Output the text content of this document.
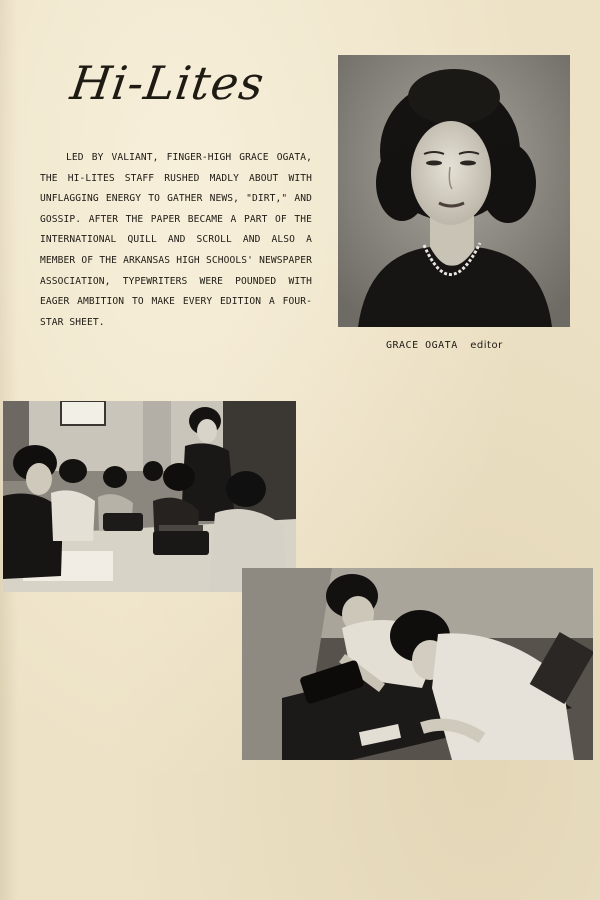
Hi-Lites

LED BY VALIANT, FINGER-HIGH GRACE OGATA, THE HI-LITES STAFF RUSHED MADLY ABOUT WITH UNFLAGGING ENERGY TO GATHER NEWS, "DIRT," AND GOSSIP. AFTER THE PAPER BECAME A PART OF THE INTERNATIONAL QUILL AND SCROLL AND ALSO A MEMBER OF THE ARKANSAS HIGH SCHOOLS' NEWSPAPER ASSOCIATION, TYPEWRITERS WERE POUNDED WITH EAGER AMBITION TO MAKE EVERY EDITION A FOUR-STAR SHEET.

GRACE OGATA editor
